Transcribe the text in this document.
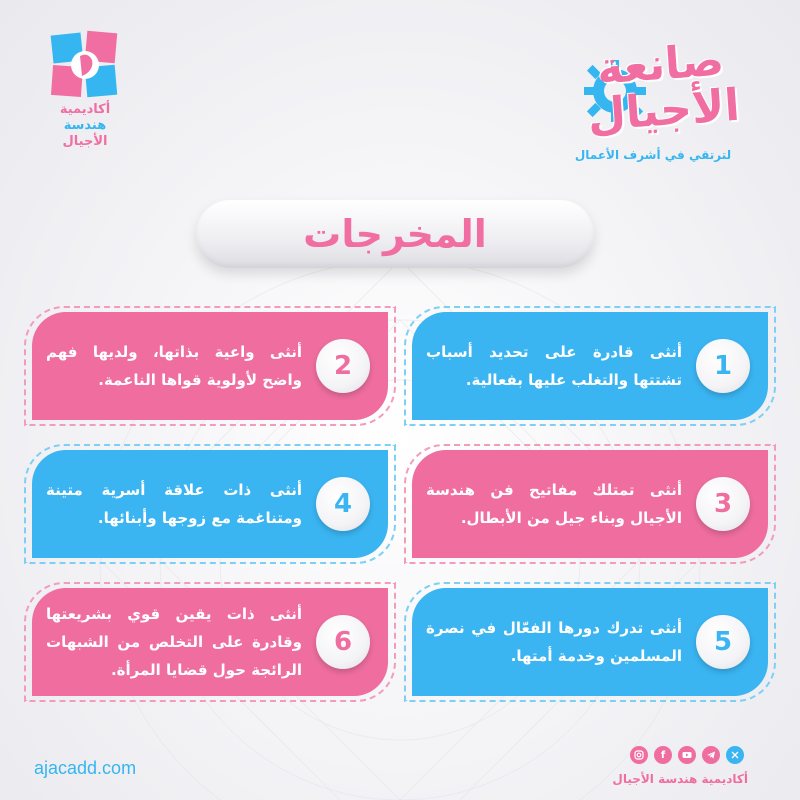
أكاديمية
هندسة
الأجيال
صانعة الأجيال
لترتقي في أشرف الأعمال
المخرجات
1
أنثى قادرة على تحديد أسباب تشتتها والتغلب عليها بفعالية.
2
أنثى واعية بذاتها، ولديها فهم واضح لأولوية قواها الناعمة.
3
أنثى تمتلك مفاتيح فن هندسة الأجيال وبناء جيل من الأبطال.
4
أنثى ذات علاقة أسرية متينة ومتناغمة مع زوجها وأبنائها.
5
أنثى تدرك دورها الفعّال في نصرة المسلمين وخدمة أمتها.
6
أنثى ذات يقين قوي بشريعتها وقادرة على التخلص من الشبهات الرائجة حول قضايا المرأة.
ajacadd.com
f
أكاديمية هندسة الأجيال
